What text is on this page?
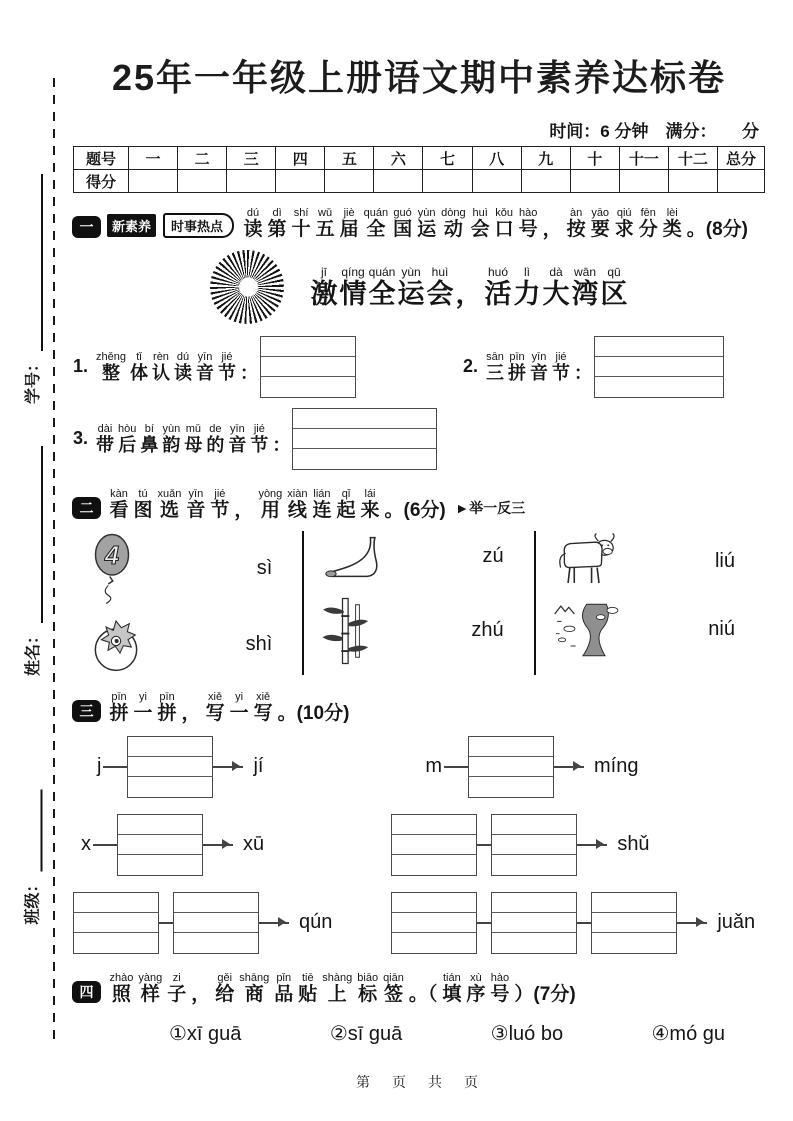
学号：
姓名：
班级：
25年一年级上册语文期中素养达标卷
时间：6 分钟　满分：　　分
题号	一	二	三	四	五	六	七	八	九	十	十一	十二	总分
得分													
一	新素养	时事热点	读dú第dì十shí五wǔ届jiè全quán国guó运yùn动dòng会huì口kǒu号hào， 按àn要yāo求qiú分fēn类lèi。(8分)
激jī情qíng全quán运yùn会huì，活huó力lì大dà湾wān区qū
1. 整zhěng体tǐ认rèn读dú音yīn节jié：	2. 三sān拼pīn音yīn节jié：
3. 带dài后hòu鼻bí韵yùn母mǔ的de音yīn节jié：
二 看kàn图tú选xuǎn音yīn节jié， 用yòng线xiàn连lián起qǐ来lái。(6分) ►举一反三
4	sì
shì
zú
zhú
liú
niú
三 拼pīn一yi拼pīn， 写xiě一yi写xiě。(10分)
j	jí	m	míng
x	xū	shǔ
qún	juǎn
四 照zhào样yàng子zi， 给gěi商shāng品pǐn贴tiē上shàng标biāo签qiān。（ 填tián序xù号hào）(7分)
①xī guā	②sī guā	③luó bo	④mó gu
第　页　共　页
